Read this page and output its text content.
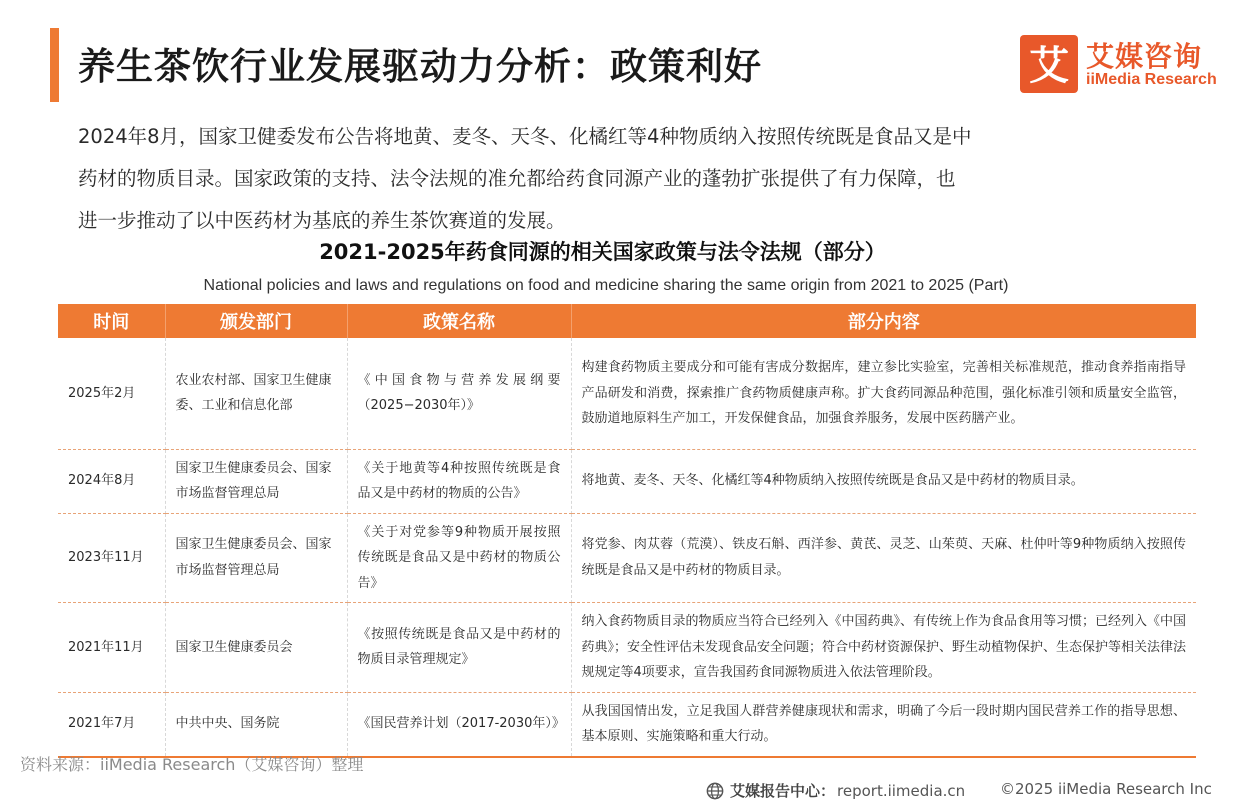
养生茶饮行业发展驱动力分析：政策利好	艾 艾媒咨询
iiMedia Research
2024年8月，国家卫健委发布公告将地黄、麦冬、天冬、化橘红等4种物质纳入按照传统既是食品又是中
药材的物质目录。国家政策的支持、法令法规的准允都给药食同源产业的蓬勃扩张提供了有力保障，也
进一步推动了以中医药材为基底的养生茶饮赛道的发展。
2021-2025年药食同源的相关国家政策与法令法规（部分）
National policies and laws and regulations on food and medicine sharing the same origin from 2021 to 2025 (Part)
时间	颁发部门	政策名称	部分内容
2025年2月	农业农村部、国家卫生健康委、工业和信息化部	《中国食物与营养发展纲要（2025−2030年）》	构建食药物质主要成分和可能有害成分数据库，建立参比实验室，完善相关标准规范，推动食养指南指导产品研发和消费，探索推广食药物质健康声称。扩大食药同源品种范围，强化标准引领和质量安全监管，鼓励道地原料生产加工，开发保健食品，加强食养服务，发展中医药膳产业。
2024年8月	国家卫生健康委员会、国家市场监督管理总局	《关于地黄等4种按照传统既是食品又是中药材的物质的公告》	将地黄、麦冬、天冬、化橘红等4种物质纳入按照传统既是食品又是中药材的物质目录。
2023年11月	国家卫生健康委员会、国家市场监督管理总局	《关于对党参等9种物质开展按照传统既是食品又是中药材的物质公告》	将党参、肉苁蓉（荒漠）、铁皮石斛、西洋参、黄芪、灵芝、山茱萸、天麻、杜仲叶等9种物质纳入按照传统既是食品又是中药材的物质目录。
2021年11月	国家卫生健康委员会	《按照传统既是食品又是中药材的物质目录管理规定》	纳入食药物质目录的物质应当符合已经列入《中国药典》、有传统上作为食品食用等习惯；已经列入《中国药典》；安全性评估未发现食品安全问题；符合中药材资源保护、野生动植物保护、生态保护等相关法律法规规定等4项要求，宣告我国药食同源物质进入依法管理阶段。
2021年7月	中共中央、国务院	《国民营养计划（2017-2030年）》	从我国国情出发，立足我国人群营养健康现状和需求，明确了今后一段时期内国民营养工作的指导思想、基本原则、实施策略和重大行动。
资料来源：iiMedia Research（艾媒咨询）整理
艾媒报告中心： report.iimedia.cn ©2025 iiMedia Research Inc
